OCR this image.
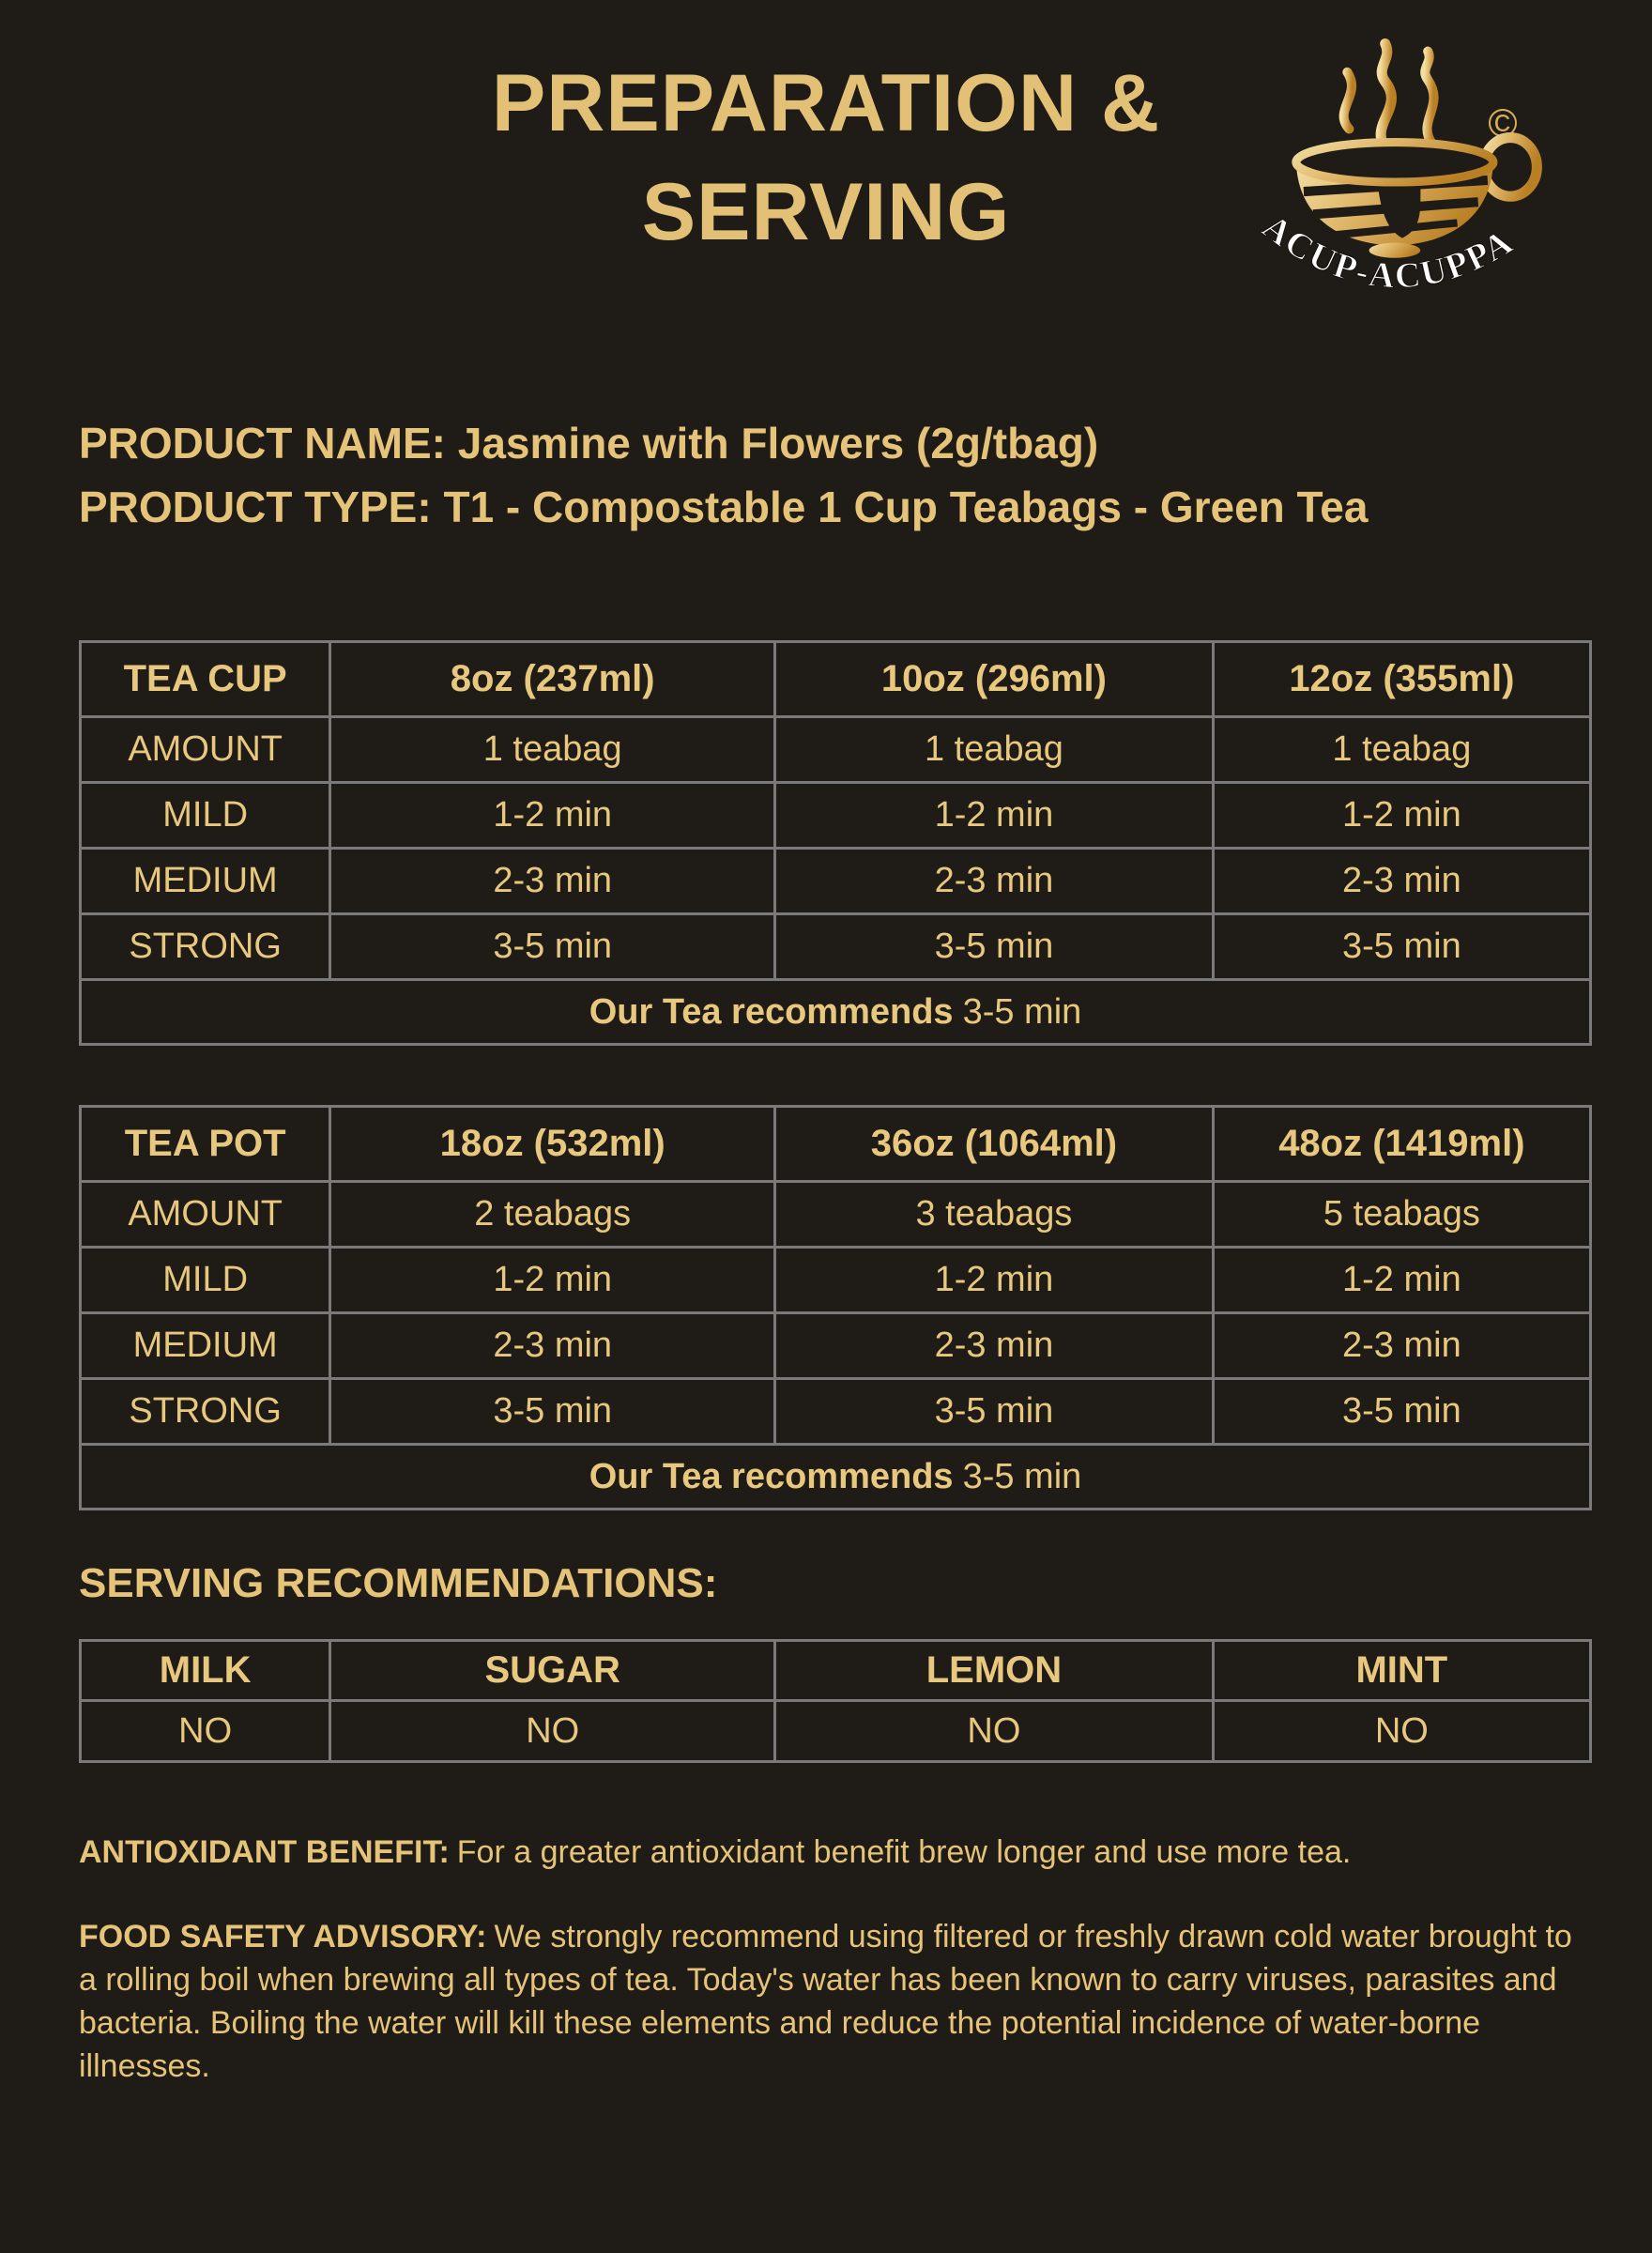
PREPARATION &
SERVING
©
ACUP-ACUPPA
PRODUCT NAME: Jasmine with Flowers (2g/tbag)
PRODUCT TYPE: T1 - Compostable 1 Cup Teabags - Green Tea
TEA CUP	8oz (237ml)	10oz (296ml)	12oz (355ml)
AMOUNT	1 teabag	1 teabag	1 teabag
MILD	1-2 min	1-2 min	1-2 min
MEDIUM	2-3 min	2-3 min	2-3 min
STRONG	3-5 min	3-5 min	3-5 min
Our Tea recommends 3-5 min			
TEA POT	18oz (532ml)	36oz (1064ml)	48oz (1419ml)
AMOUNT	2 teabags	3 teabags	5 teabags
MILD	1-2 min	1-2 min	1-2 min
MEDIUM	2-3 min	2-3 min	2-3 min
STRONG	3-5 min	3-5 min	3-5 min
Our Tea recommends 3-5 min			
SERVING RECOMMENDATIONS:
MILK	SUGAR	LEMON	MINT
NO	NO	NO	NO
ANTIOXIDANT BENEFIT: For a greater antioxidant benefit brew longer and use more tea.
FOOD SAFETY ADVISORY: We strongly recommend using filtered or freshly drawn cold water brought to a rolling boil when brewing all types of tea. Today's water has been known to carry viruses, parasites and bacteria. Boiling the water will kill these elements and reduce the potential incidence of water-borne illnesses.
